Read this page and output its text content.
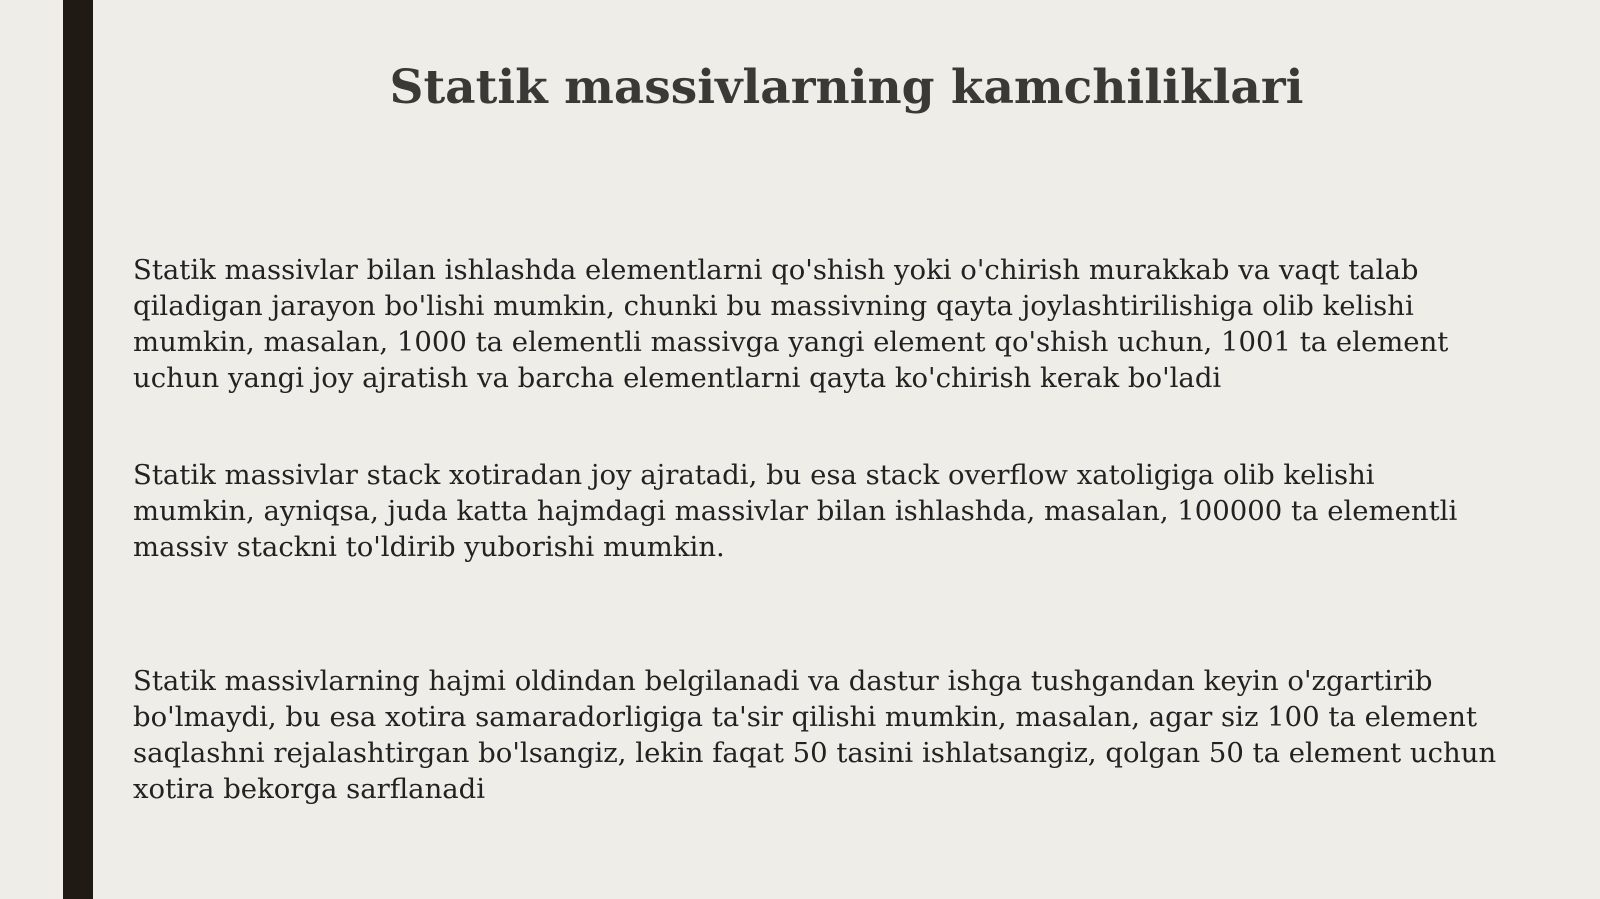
Statik massivlarning kamchiliklari

Statik massivlar bilan ishlashda elementlarni qo'shish yoki o'chirish murakkab va vaqt talab
qiladigan jarayon bo'lishi mumkin, chunki bu massivning qayta joylashtirilishiga olib kelishi
mumkin, masalan, 1000 ta elementli massivga yangi element qo'shish uchun, 1001 ta element
uchun yangi joy ajratish va barcha elementlarni qayta ko'chirish kerak bo'ladi

Statik massivlar stack xotiradan joy ajratadi, bu esa stack overflow xatoligiga olib kelishi
mumkin, ayniqsa, juda katta hajmdagi massivlar bilan ishlashda, masalan, 100000 ta elementli
massiv stackni to'ldirib yuborishi mumkin.

Statik massivlarning hajmi oldindan belgilanadi va dastur ishga tushgandan keyin o'zgartirib
bo'lmaydi, bu esa xotira samaradorligiga ta'sir qilishi mumkin, masalan, agar siz 100 ta element
saqlashni rejalashtirgan bo'lsangiz, lekin faqat 50 tasini ishlatsangiz, qolgan 50 ta element uchun
xotira bekorga sarflanadi
